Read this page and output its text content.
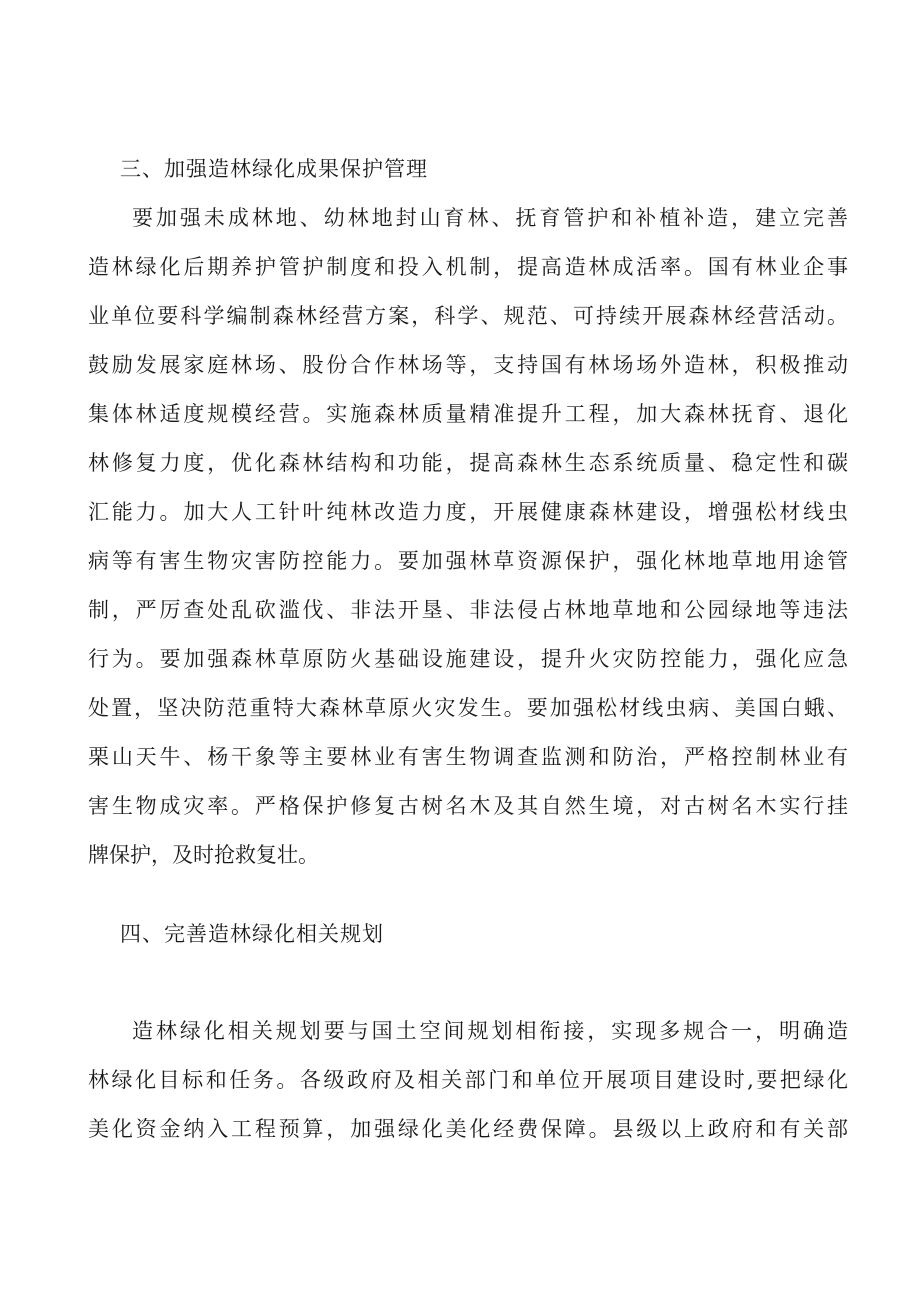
三、加强造林绿化成果保护管理

要加强未成林地、幼林地封山育林、抚育管护和补植补造，建立完善

造林绿化后期养护管护制度和投入机制，提高造林成活率。国有林业企事

业单位要科学编制森林经营方案，科学、规范、可持续开展森林经营活动。

鼓励发展家庭林场、股份合作林场等，支持国有林场场外造林，积极推动

集体林适度规模经营。实施森林质量精准提升工程，加大森林抚育、退化

林修复力度，优化森林结构和功能，提高森林生态系统质量、稳定性和碳

汇能力。加大人工针叶纯林改造力度，开展健康森林建设，增强松材线虫

病等有害生物灾害防控能力。要加强林草资源保护，强化林地草地用途管

制，严厉查处乱砍滥伐、非法开垦、非法侵占林地草地和公园绿地等违法

行为。要加强森林草原防火基础设施建设，提升火灾防控能力，强化应急

处置，坚决防范重特大森林草原火灾发生。要加强松材线虫病、美国白蛾、

栗山天牛、杨干象等主要林业有害生物调查监测和防治，严格控制林业有

害生物成灾率。严格保护修复古树名木及其自然生境，对古树名木实行挂

牌保护，及时抢救复壮。

四、完善造林绿化相关规划

造林绿化相关规划要与国土空间规划相衔接，实现多规合一，明确造

林绿化目标和任务。各级政府及相关部门和单位开展项目建设时,要把绿化

美化资金纳入工程预算，加强绿化美化经费保障。县级以上政府和有关部
